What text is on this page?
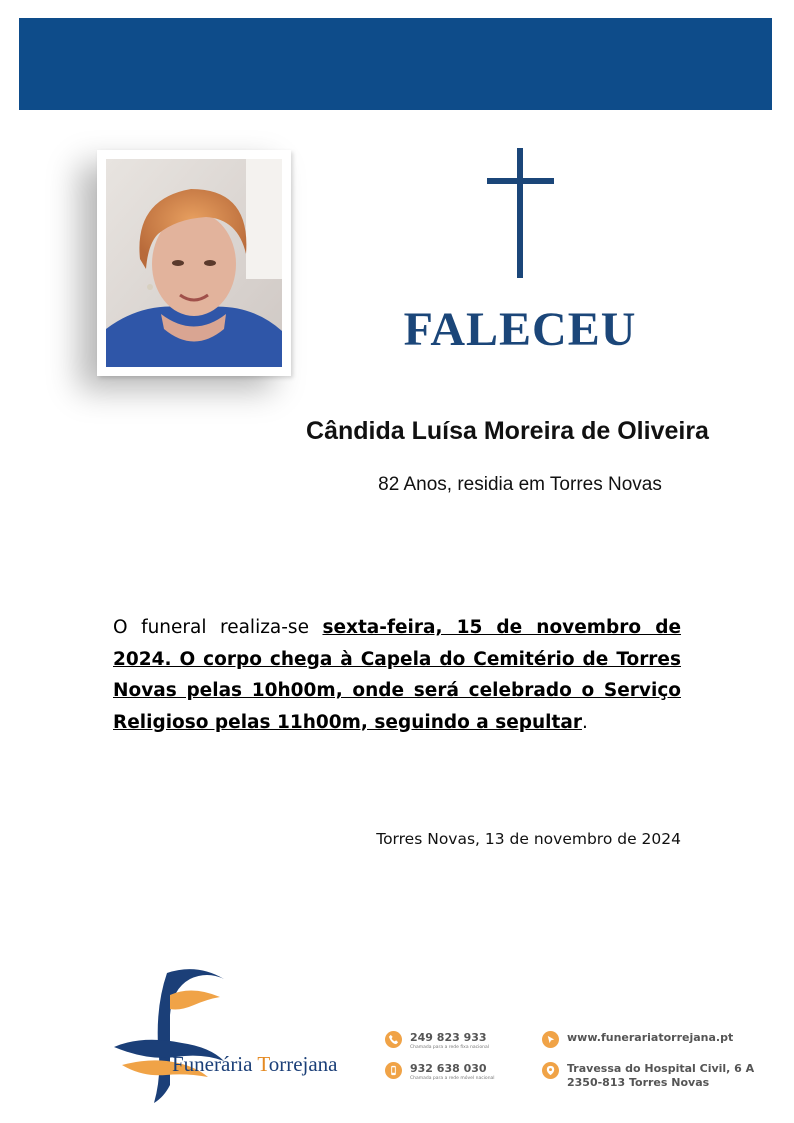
FALECEU
Cândida Luísa Moreira de Oliveira
82 Anos, residia em Torres Novas
O funeral realiza-se sexta-feira, 15 de novembro de 2024. O corpo chega à Capela do Cemitério de Torres Novas pelas 10h00m, onde será celebrado o Serviço Religioso pelas 11h00m, seguindo a sepultar.
Torres Novas, 13 de novembro de 2024
Funerária Torrejana
249 823 933
Chamada para a rede fixa nacional
932 638 030
Chamada para a rede móvel nacional
www.funerariatorrejana.pt
Travessa do Hospital Civil, 6 A
2350-813 Torres Novas
